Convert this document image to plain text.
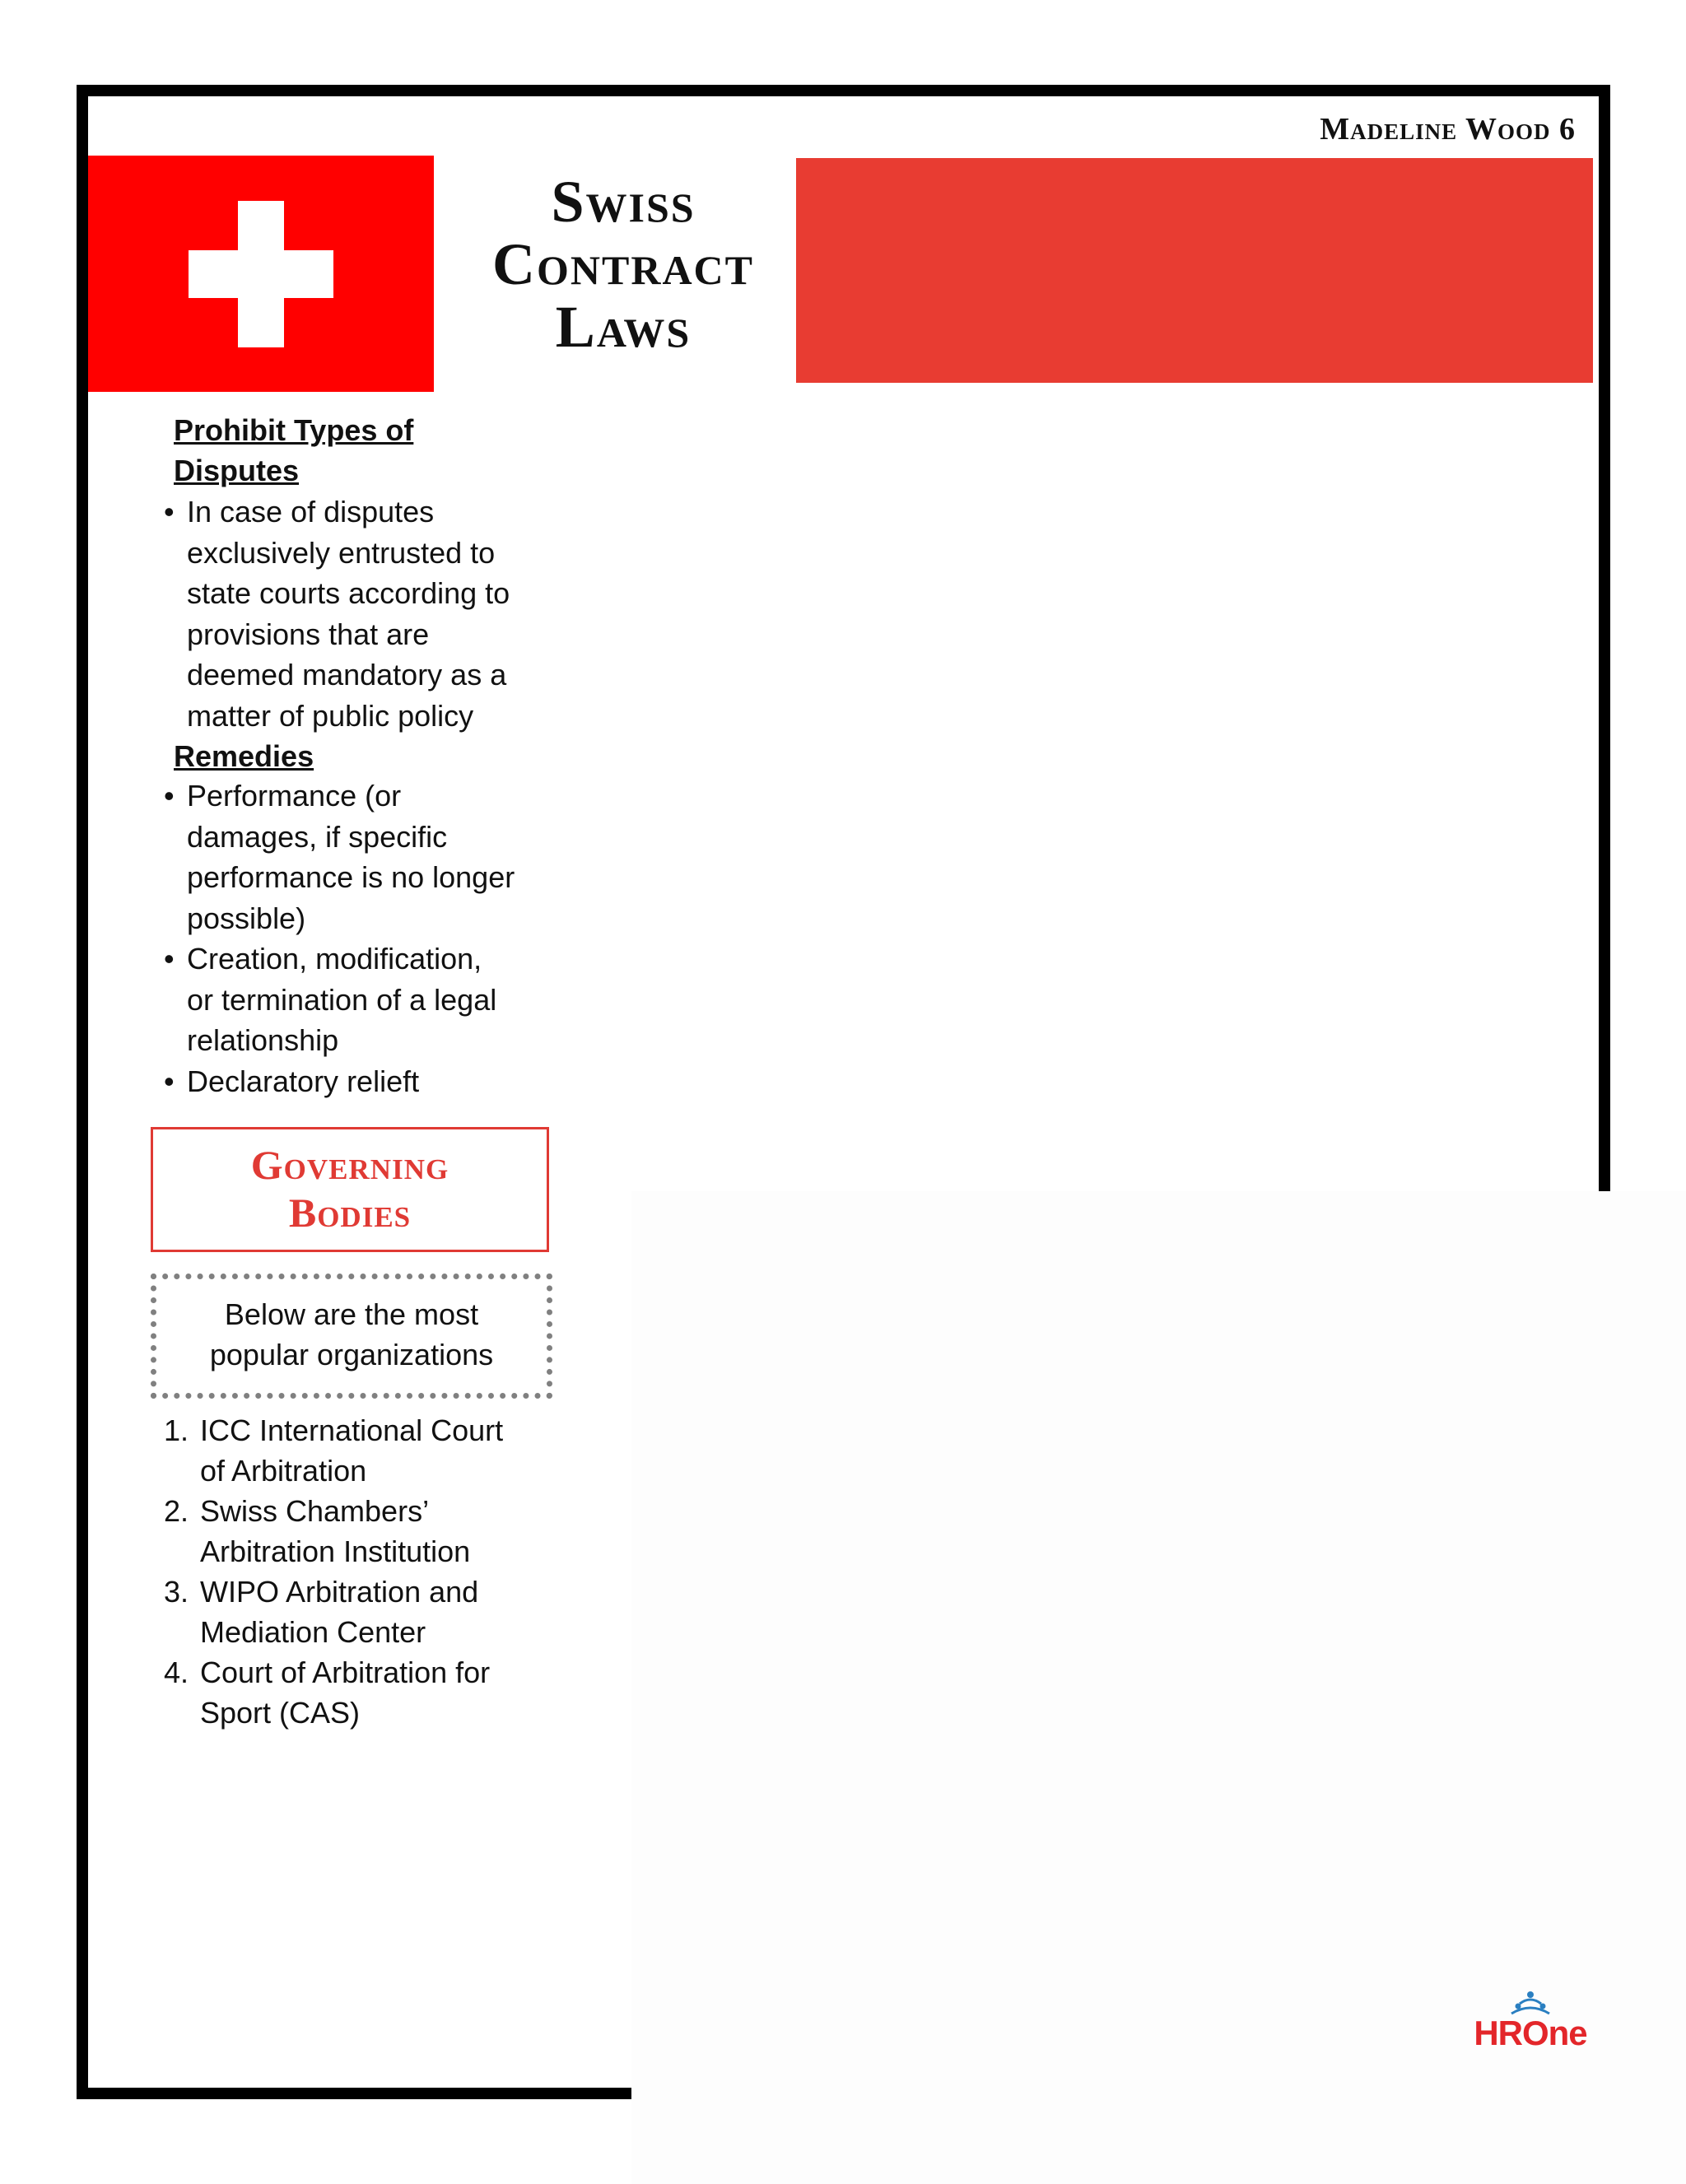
Madeline Wood 6
Swiss
Contract
Laws
Prohibit Types of
Disputes
• In case of disputes
exclusively entrusted to
state courts according to
provisions that are
deemed mandatory as a
matter of public policy
Remedies
• Performance (or
damages, if specific
performance is no longer
possible)
• Creation, modification,
or termination of a legal
relationship
• Declaratory relieft
Governing
Bodies
Below are the most
popular organizations
1. ICC International Court
of Arbitration
2. Swiss Chambers’
Arbitration Institution
3. WIPO Arbitration and
Mediation Center
4. Court of Arbitration for
Sport (CAS)
HROne
